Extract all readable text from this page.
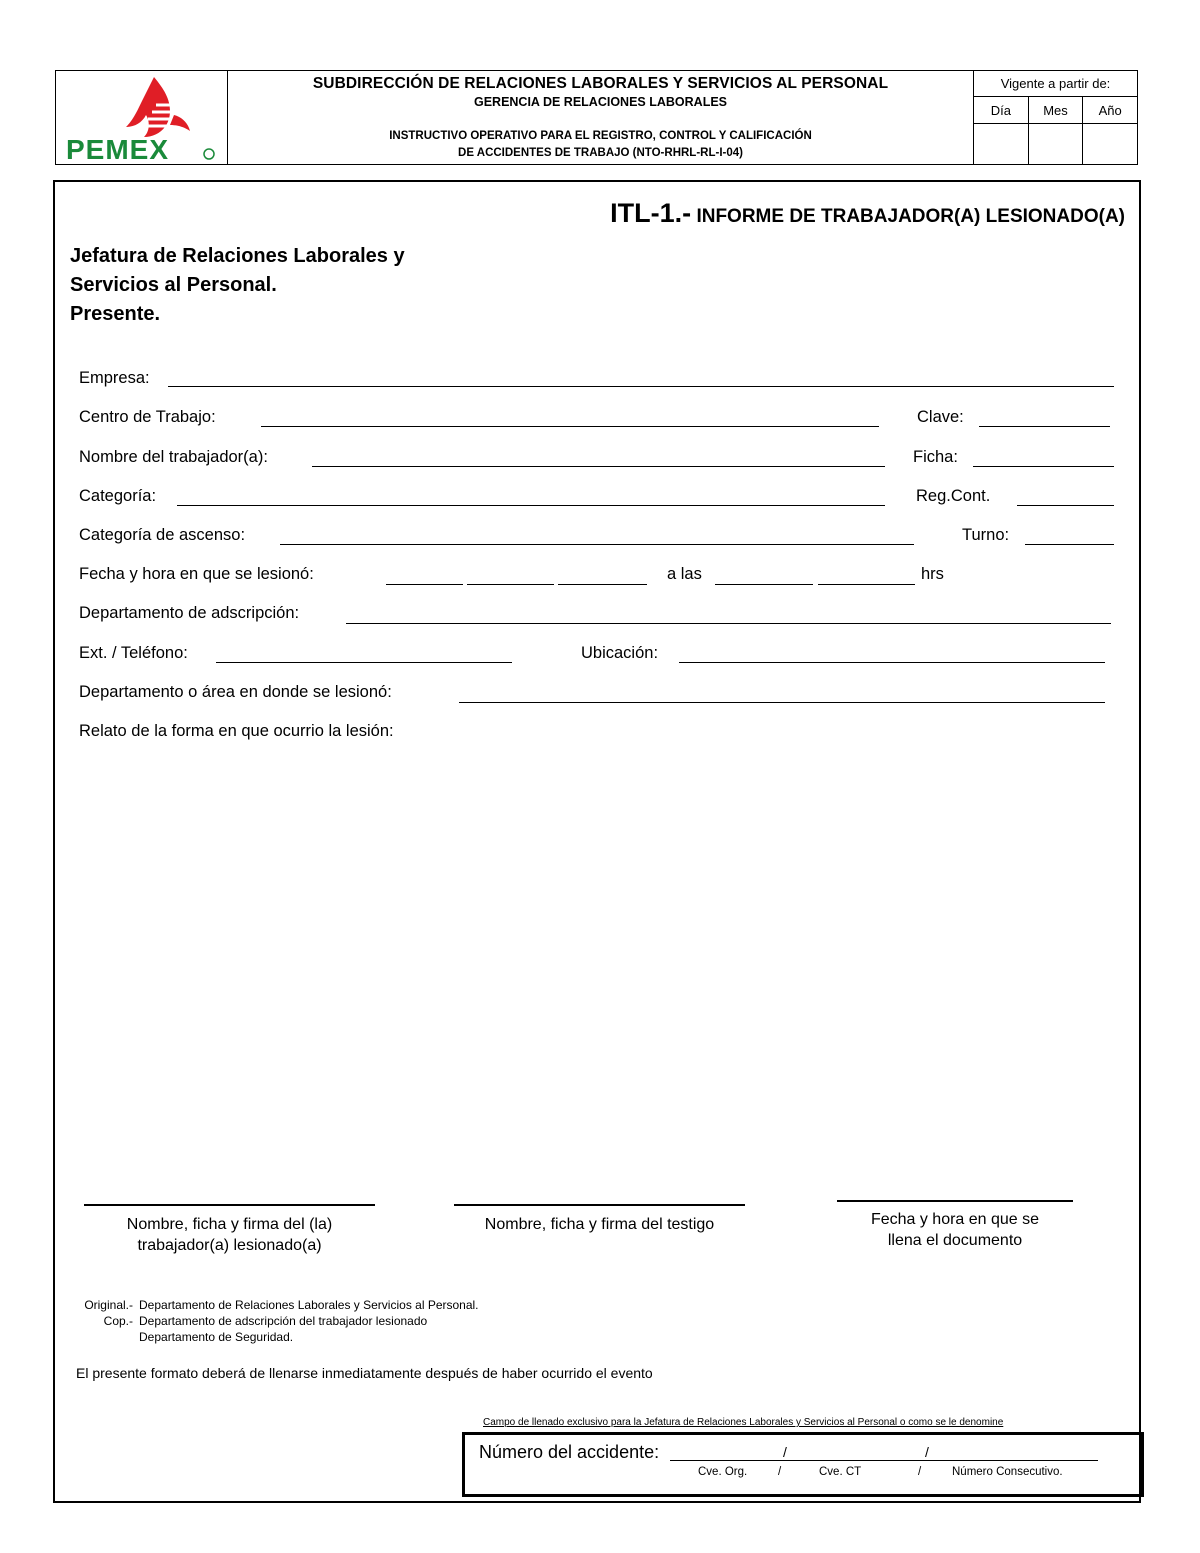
PEMEX
SUBDIRECCIÓN DE RELACIONES LABORALES Y SERVICIOS AL PERSONAL
GERENCIA DE RELACIONES LABORALES
INSTRUCTIVO OPERATIVO PARA EL REGISTRO, CONTROL Y CALIFICACIÓN
DE ACCIDENTES DE TRABAJO (NTO-RHRL-RL-I-04)
Vigente a partir de:
Día	Mes	Año
ITL-1.- INFORME DE TRABAJADOR(A) LESIONADO(A)
Jefatura de Relaciones Laborales y
Servicios al Personal.
Presente.
Empresa:
Centro de Trabajo:	Clave:
Nombre del trabajador(a):	Ficha:
Categoría:	Reg.Cont.
Categoría de ascenso:	Turno:
Fecha y hora en que se lesionó:	a las	hrs
Departamento de adscripción:
Ext. / Teléfono:	Ubicación:
Departamento o área en donde se lesionó:
Relato de la forma en que ocurrio la lesión:
Nombre, ficha y firma del (la)
trabajador(a) lesionado(a)
Nombre, ficha y firma del testigo	Fecha y hora en que se
llena el documento
Original.- Departamento de Relaciones Laborales y Servicios al Personal.
Cop.- Departamento de adscripción del trabajador lesionado
Departamento de Seguridad.
El presente formato deberá de llenarse inmediatamente después de haber ocurrido el evento
Campo de llenado exclusivo para la Jefatura de Relaciones Laborales y Servicios al Personal o como se le denomine
Número del accidente:	/	/
Cve. Org.	/	Cve. CT	/	Número Consecutivo.
